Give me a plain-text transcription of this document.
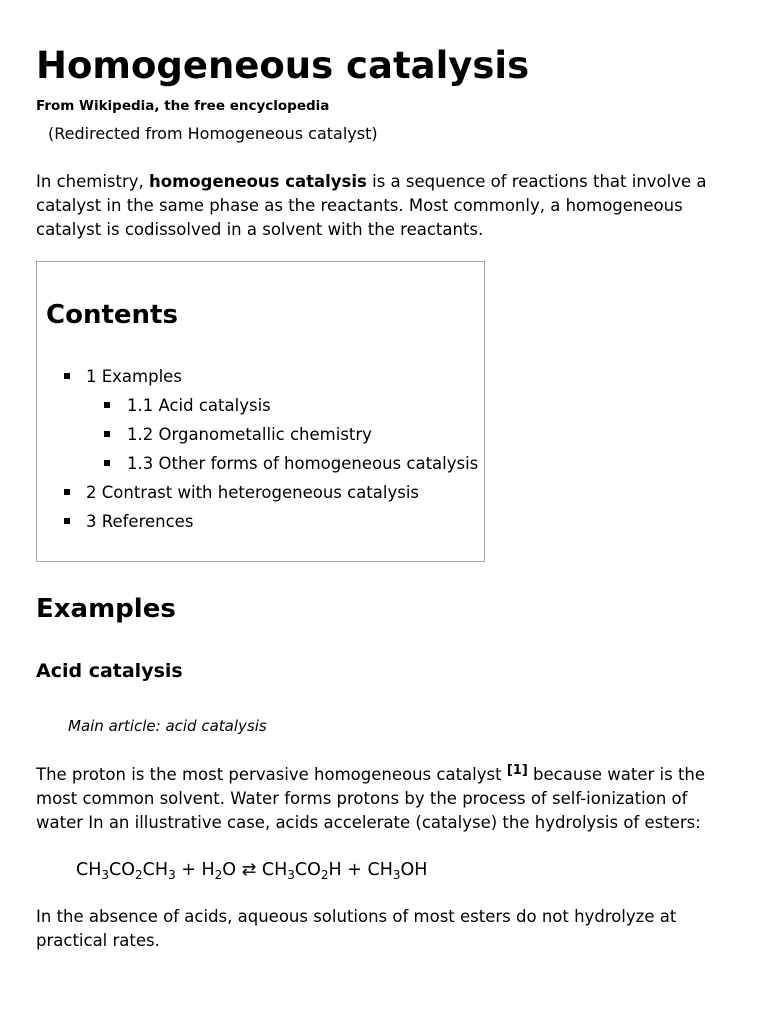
Homogeneous catalysis
From Wikipedia, the free encyclopedia
(Redirected from Homogeneous catalyst)

In chemistry, homogeneous catalysis is a sequence of reactions that involve a catalyst in the same phase as the reactants. Most commonly, a homogeneous catalyst is codissolved in a solvent with the reactants.

Contents
1 Examples
1.1 Acid catalysis
1.2 Organometallic chemistry
1.3 Other forms of homogeneous catalysis
2 Contrast with heterogeneous catalysis
3 References
Examples
Acid catalysis
Main article: acid catalysis

The proton is the most pervasive homogeneous catalyst [1] because water is the most common solvent. Water forms protons by the process of self-ionization of water In an illustrative case, acids accelerate (catalyse) the hydrolysis of esters:

$CH_3CO_2CH_3 + H_2O$ ⇄ $CH_3CO_2H + CH_3OH$

In the absence of acids, aqueous solutions of most esters do not hydrolyze at practical rates.
